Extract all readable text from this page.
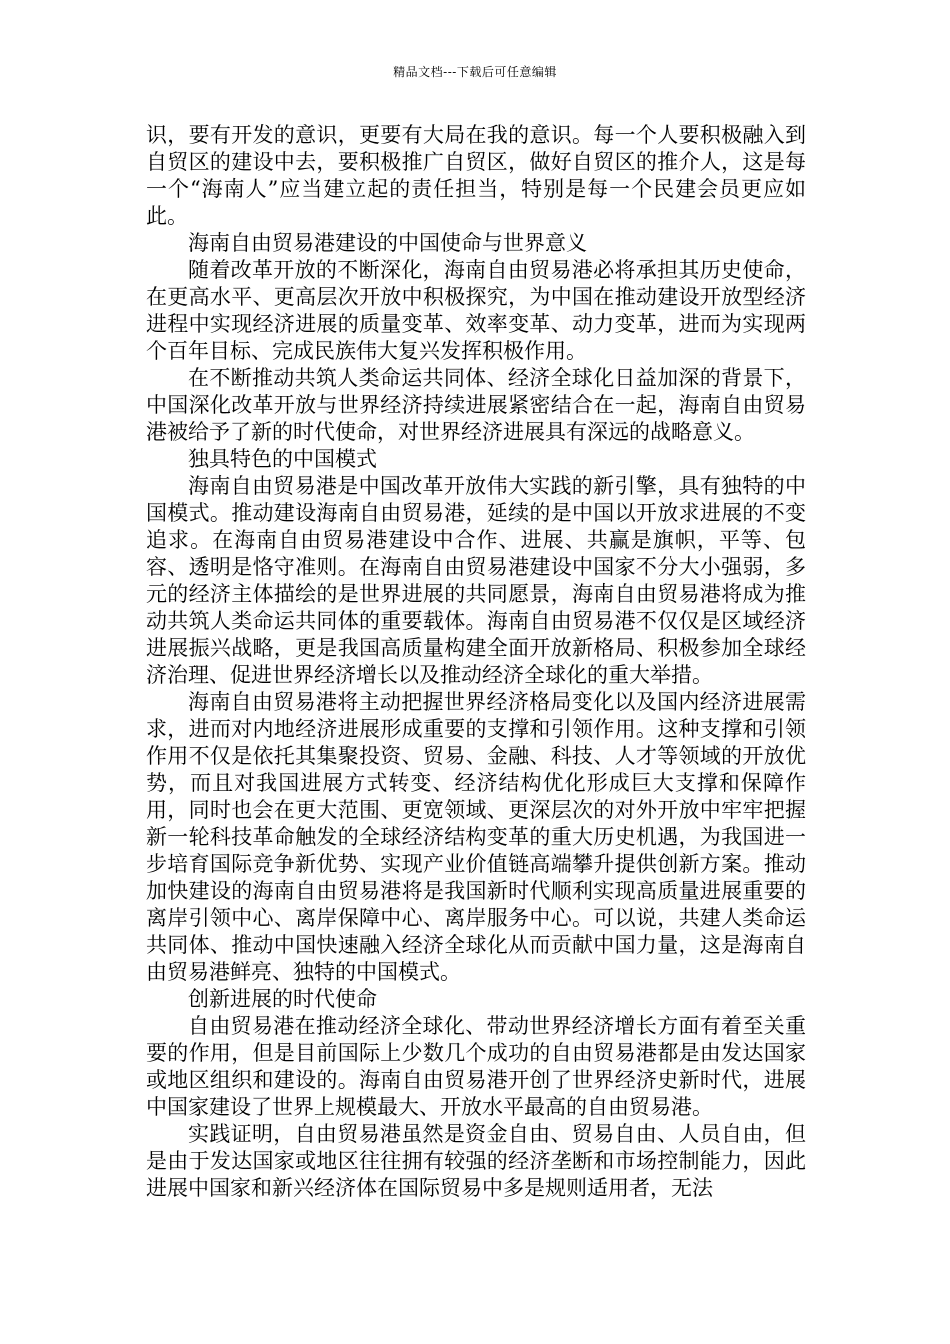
精品文档---下载后可任意编辑

识，要有开发的意识，更要有大局在我的意识。每一个人要积极融入到自贸区的建设中去，要积极推广自贸区，做好自贸区的推介人，这是每一个“海南人”应当建立起的责任担当，特别是每一个民建会员更应如此。

海南自由贸易港建设的中国使命与世界意义

随着改革开放的不断深化，海南自由贸易港必将承担其历史使命，在更高水平、更高层次开放中积极探究，为中国在推动建设开放型经济进程中实现经济进展的质量变革、效率变革、动力变革，进而为实现两个百年目标、完成民族伟大复兴发挥积极作用。

在不断推动共筑人类命运共同体、经济全球化日益加深的背景下，中国深化改革开放与世界经济持续进展紧密结合在一起，海南自由贸易港被给予了新的时代使命，对世界经济进展具有深远的战略意义。

独具特色的中国模式

海南自由贸易港是中国改革开放伟大实践的新引擎，具有独特的中国模式。推动建设海南自由贸易港，延续的是中国以开放求进展的不变追求。在海南自由贸易港建设中合作、进展、共赢是旗帜，平等、包容、透明是恪守准则。在海南自由贸易港建设中国家不分大小强弱，多元的经济主体描绘的是世界进展的共同愿景，海南自由贸易港将成为推动共筑人类命运共同体的重要载体。海南自由贸易港不仅仅是区域经济进展振兴战略，更是我国高质量构建全面开放新格局、积极参加全球经济治理、促进世界经济增长以及推动经济全球化的重大举措。

海南自由贸易港将主动把握世界经济格局变化以及国内经济进展需求，进而对内地经济进展形成重要的支撑和引领作用。这种支撑和引领作用不仅是依托其集聚投资、贸易、金融、科技、人才等领域的开放优势，而且对我国进展方式转变、经济结构优化形成巨大支撑和保障作用，同时也会在更大范围、更宽领域、更深层次的对外开放中牢牢把握新一轮科技革命触发的全球经济结构变革的重大历史机遇，为我国进一步培育国际竞争新优势、实现产业价值链高端攀升提供创新方案。推动加快建设的海南自由贸易港将是我国新时代顺利实现高质量进展重要的离岸引领中心、离岸保障中心、离岸服务中心。可以说，共建人类命运共同体、推动中国快速融入经济全球化从而贡献中国力量，这是海南自由贸易港鲜亮、独特的中国模式。

创新进展的时代使命

自由贸易港在推动经济全球化、带动世界经济增长方面有着至关重要的作用，但是目前国际上少数几个成功的自由贸易港都是由发达国家或地区组织和建设的。海南自由贸易港开创了世界经济史新时代，进展中国家建设了世界上规模最大、开放水平最高的自由贸易港。

实践证明，自由贸易港虽然是资金自由、贸易自由、人员自由，但是由于发达国家或地区往往拥有较强的经济垄断和市场控制能力，因此进展中国家和新兴经济体在国际贸易中多是规则适用者，无法
